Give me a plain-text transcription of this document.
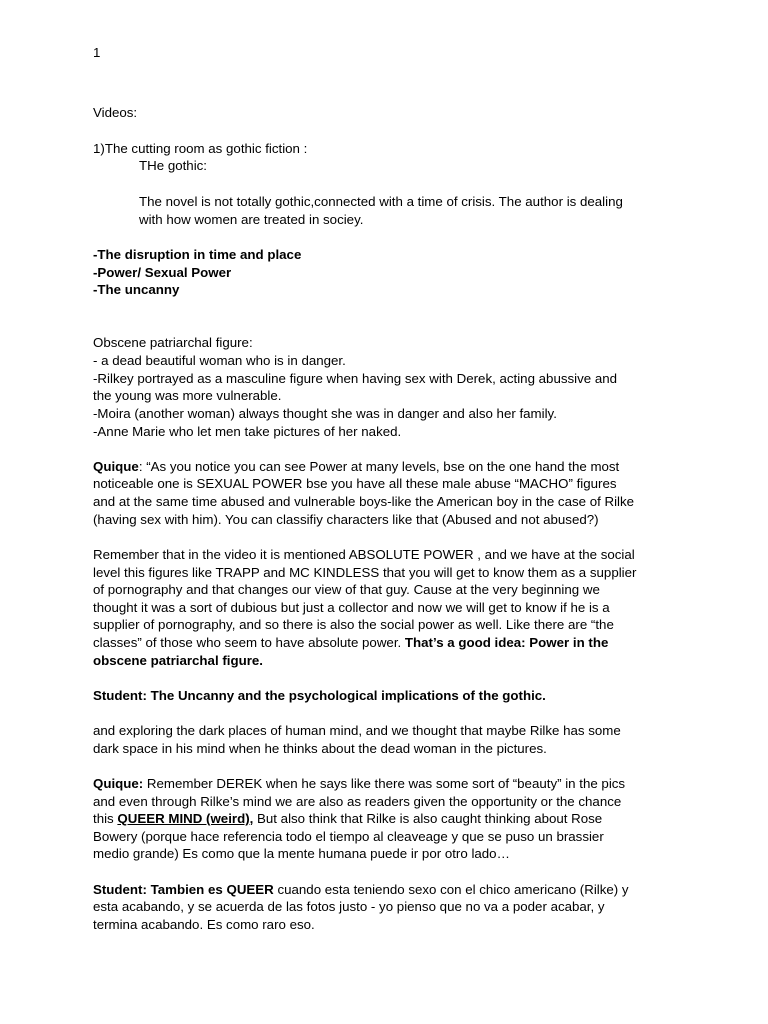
1

Videos:

1)The cutting room as gothic fiction :

THe gothic:

The novel is not totally gothic,connected with a time of crisis. The author is dealing

with how women are treated in sociey.

-The disruption in time and place

-Power/ Sexual Power

-The uncanny

Obscene patriarchal figure:

- a dead beautiful woman who is in danger.

-Rilkey portrayed as a masculine figure when having sex with Derek, acting abussive and

the young was more vulnerable.

-Moira (another woman) always thought she was in danger and also her family.

-Anne Marie who let men take pictures of her naked.

Quique: “As you notice you can see Power at many levels, bse on the one hand the most

noticeable one is SEXUAL POWER bse you have all these male abuse “MACHO” figures

and at the same time abused and vulnerable boys-like the American boy in the case of Rilke

(having sex with him). You can classifiy characters like that (Abused and not abused?)

Remember that in the video it is mentioned ABSOLUTE POWER , and we have at the social

level this figures like TRAPP and MC KINDLESS that you will get to know them as a supplier

of pornography and that changes our view of that guy. Cause at the very beginning we

thought it was a sort of dubious but just a collector and now we will get to know if he is a

supplier of pornography, and so there is also the social power as well. Like there are “the

classes” of those who seem to have absolute power. That’s a good idea: Power in the

obscene patriarchal figure.

Student: The Uncanny and the psychological implications of the gothic.

and exploring the dark places of human mind, and we thought that maybe Rilke has some

dark space in his mind when he thinks about the dead woman in the pictures.

Quique: Remember DEREK when he says like there was some sort of “beauty” in the pics

and even through Rilke’s mind we are also as readers given the opportunity or the chance

this QUEER MIND (weird), But also think that Rilke is also caught thinking about Rose

Bowery (porque hace referencia todo el tiempo al cleaveage y que se puso un brassier

medio grande) Es como que la mente humana puede ir por otro lado…

Student: Tambien es QUEER cuando esta teniendo sexo con el chico americano (Rilke) y

esta acabando, y se acuerda de las fotos justo - yo pienso que no va a poder acabar, y

termina acabando. Es como raro eso.
